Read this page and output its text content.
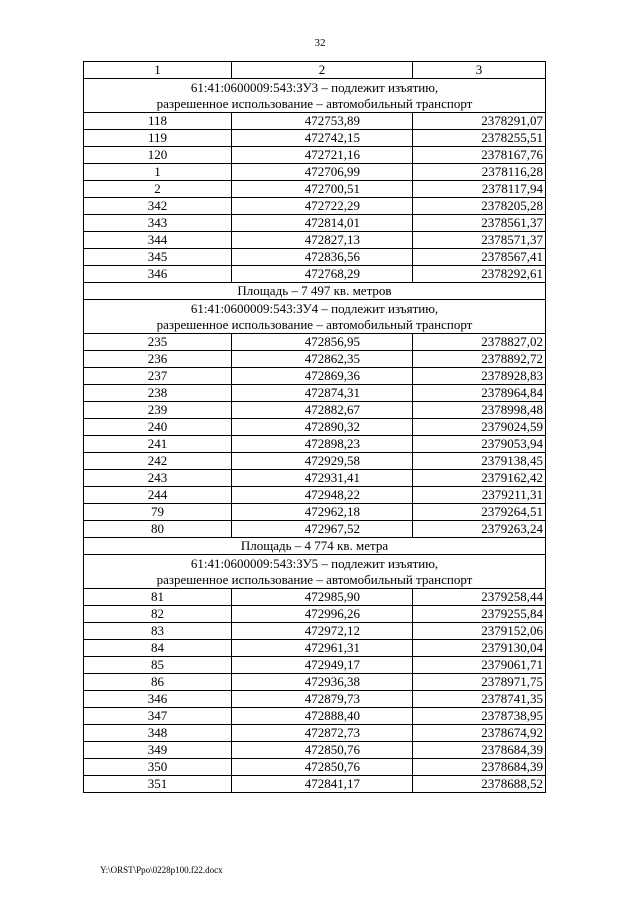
32
1	2	3

61:41:0600009:543:ЗУ3 – подлежит изъятию,
разрешенное использование – автомобильный транспорт		

118	472753,89	2378291,07
119	472742,15	2378255,51
120	472721,16	2378167,76
1	472706,99	2378116,28
2	472700,51	2378117,94
342	472722,29	2378205,28
343	472814,01	2378561,37
344	472827,13	2378571,37
345	472836,56	2378567,41
346	472768,29	2378292,61
Площадь – 7 497 кв. метров		

61:41:0600009:543:ЗУ4 – подлежит изъятию,
разрешенное использование – автомобильный транспорт		

235	472856,95	2378827,02
236	472862,35	2378892,72
237	472869,36	2378928,83
238	472874,31	2378964,84
239	472882,67	2378998,48
240	472890,32	2379024,59
241	472898,23	2379053,94
242	472929,58	2379138,45
243	472931,41	2379162,42
244	472948,22	2379211,31
79	472962,18	2379264,51
80	472967,52	2379263,24
Площадь – 4 774 кв. метра		

61:41:0600009:543:ЗУ5 – подлежит изъятию,
разрешенное использование – автомобильный транспорт		

81	472985,90	2379258,44
82	472996,26	2379255,84
83	472972,12	2379152,06
84	472961,31	2379130,04
85	472949,17	2379061,71
86	472936,38	2378971,75
346	472879,73	2378741,35
347	472888,40	2378738,95
348	472872,73	2378674,92
349	472850,76	2378684,39
350	472850,76	2378684,39
351	472841,17	2378688,52
Y:\ORST\Ppo\0228p100.f22.docx
